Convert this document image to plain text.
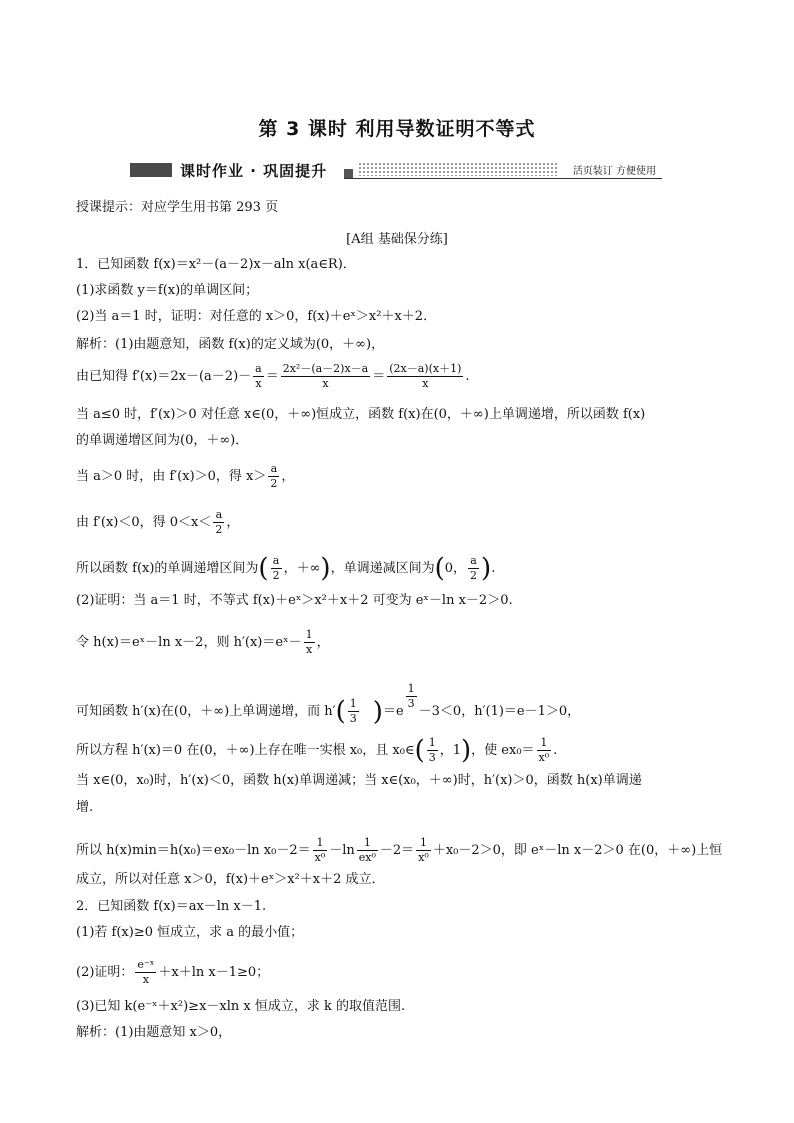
第 3 课时 利用导数证明不等式
课时作业 · 巩固提升	活页装订 方便使用
授课提示：对应学生用书第 293 页
[A组 基础保分练]
1．已知函数 f(x)＝x²－(a－2)x－aln x(a∈R)．
(1)求函数 y＝f(x)的单调区间；
(2)当 a＝1 时，证明：对任意的 x＞0，f(x)＋eˣ＞x²＋x＋2．
解析：(1)由题意知，函数 f(x)的定义域为(0，＋∞)，
由已知得 $f'(x)=2x-(a-2)- \frac{a}{x} = \frac{\text{2x²－(a－2)x－a}}{x} = \frac{(2x-a)(x+1)}{x}$ .
当 a≤0 时，f′(x)＞0 对任意 x∈(0，＋∞)恒成立，函数 f(x)在(0，＋∞)上单调递增，所以函数 f(x)
的单调递增区间为(0，＋∞)．
当 a＞0 时，由 f′(x)＞0，得 $x> \frac{a}{2}$ ，
由 f′(x)＜0，得 $0<x< \frac{a}{2}$ ，
所以函数 f(x)的单调递增区间为( $\frac{a}{2}$ ，＋∞)，单调递减区间为(0， $\frac{a}{2}$ ).
(2)证明：当 a＝1 时，不等式 f(x)＋eˣ＞x²＋x＋2 可变为 eˣ－ln x－2＞0.
令 h(x)＝eˣ－ln x－2，则 h′(x)＝eˣ－ $\frac{1}{x}$ ，
可知函数 h′(x)在(0，＋∞)上单调递增，而 $h'( \frac{1}{3} )=e$
$\frac{1}{3}$
－3＜0，h′(1)＝e－1＞0，
所以方程 h′(x)＝0 在(0，＋∞)上存在唯一实根 x₀，且 x₀∈( $\frac{1}{3}$ ，1)，使 $ex_0= \frac{1}{\text{x⁰}}$ .
当 x∈(0，x₀)时，h′(x)＜0，函数 h(x)单调递减；当 x∈(x₀，＋∞)时，h′(x)＞0，函数 h(x)单调递
增.
所以 h(x)min＝h(x₀)＝ex₀－ln $x_0-2= \frac{1}{\text{x⁰}} -\ln \frac{1}{\text{ex⁰}} -2= \frac{1}{\text{x⁰}} +x_0-2>0$，即 eˣ－ln x－2＞0 在(0，＋∞)上恒
成立，所以对任意 x＞0，f(x)＋eˣ＞x²＋x＋2 成立．
2．已知函数 f(x)＝ax－ln x－1.
(1)若 f(x)≥0 恒成立，求 a 的最小值；
(2)证明： $\frac{\text{e⁻ˣ}}{x} +x+\ln$ x－1≥0；
(3)已知 k(e⁻ˣ＋x²)≥x－xln x 恒成立，求 k 的取值范围.
解析：(1)由题意知 x＞0，
